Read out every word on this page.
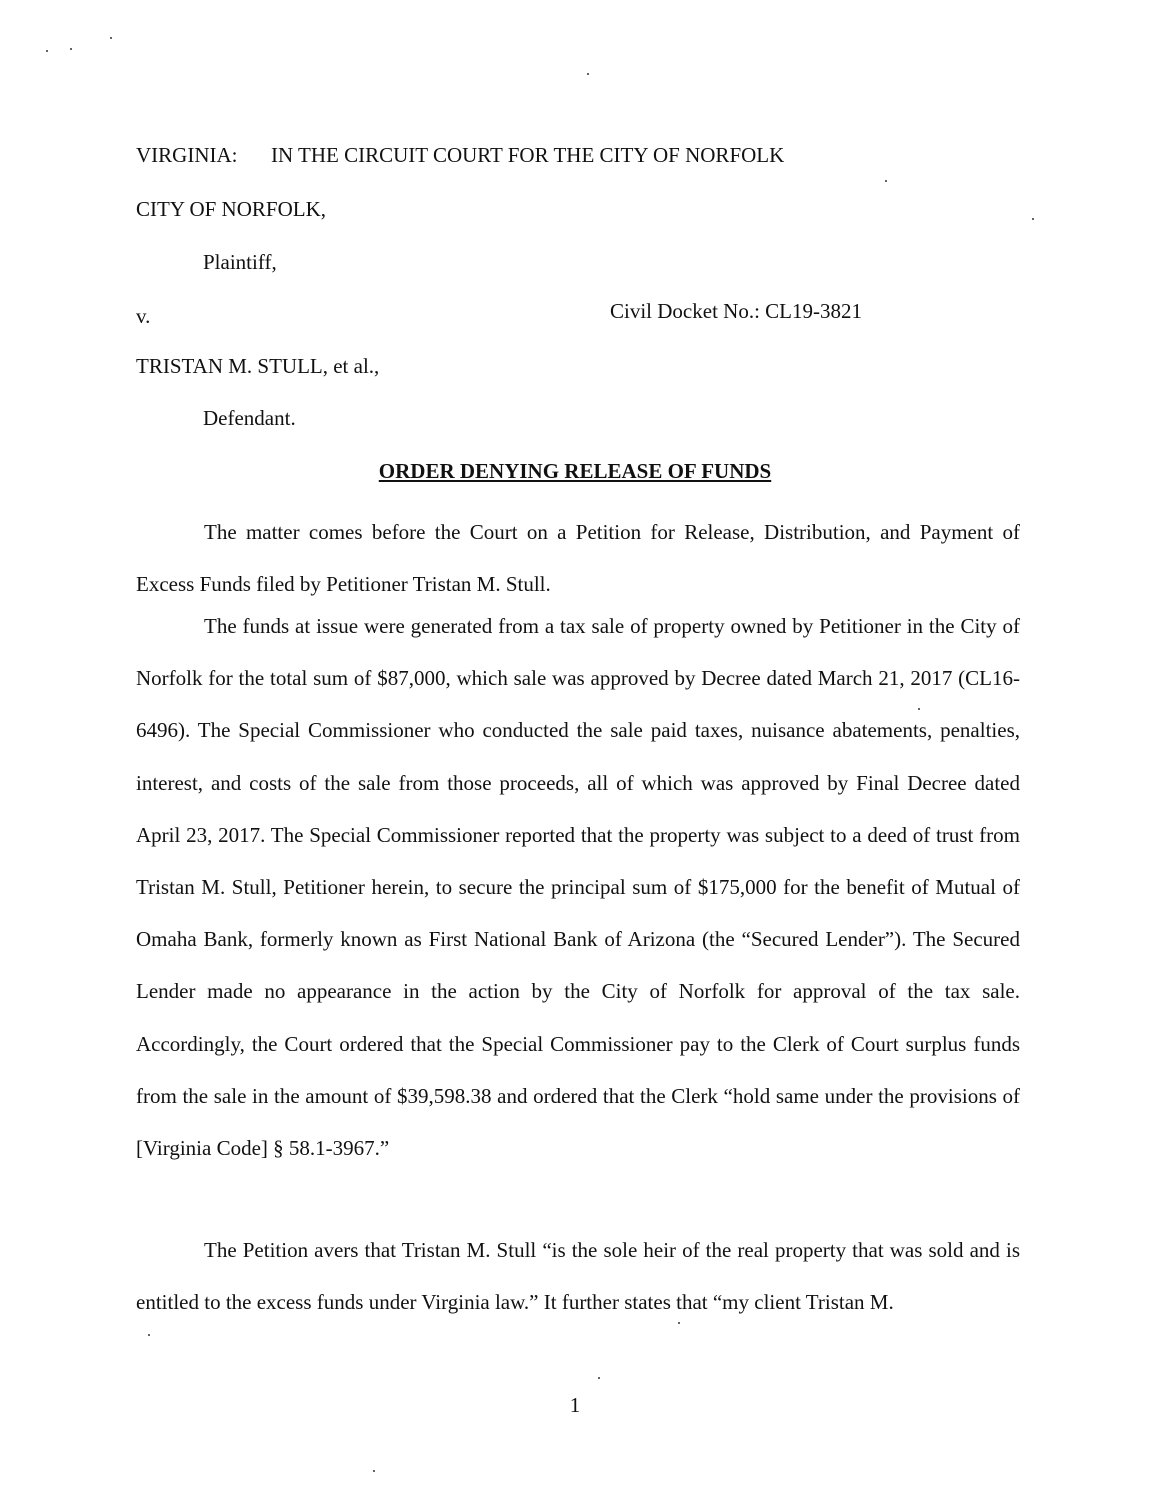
VIRGINIA: IN THE CIRCUIT COURT FOR THE CITY OF NORFOLK
CITY OF NORFOLK,
Plaintiff,
v.	Civil Docket No.: CL19-3821
TRISTAN M. STULL, et al.,
Defendant.
ORDER DENYING RELEASE OF FUNDS

The matter comes before the Court on a Petition for Release, Distribution, and Payment of Excess Funds filed by Petitioner Tristan M. Stull.

The funds at issue were generated from a tax sale of property owned by Petitioner in the City of Norfolk for the total sum of $87,000, which sale was approved by Decree dated March 21, 2017 (CL16-6496). The Special Commissioner who conducted the sale paid taxes, nuisance abatements, penalties, interest, and costs of the sale from those proceeds, all of which was approved by Final Decree dated April 23, 2017. The Special Commissioner reported that the property was subject to a deed of trust from Tristan M. Stull, Petitioner herein, to secure the principal sum of $175,000 for the benefit of Mutual of Omaha Bank, formerly known as First National Bank of Arizona (the “Secured Lender”). The Secured Lender made no appearance in the action by the City of Norfolk for approval of the tax sale. Accordingly, the Court ordered that the Special Commissioner pay to the Clerk of Court surplus funds from the sale in the amount of $39,598.38 and ordered that the Clerk “hold same under the provisions of [Virginia Code] § 58.1-3967.”

The Petition avers that Tristan M. Stull “is the sole heir of the real property that was sold and is entitled to the excess funds under Virginia law.” It further states that “my client Tristan M.

1
